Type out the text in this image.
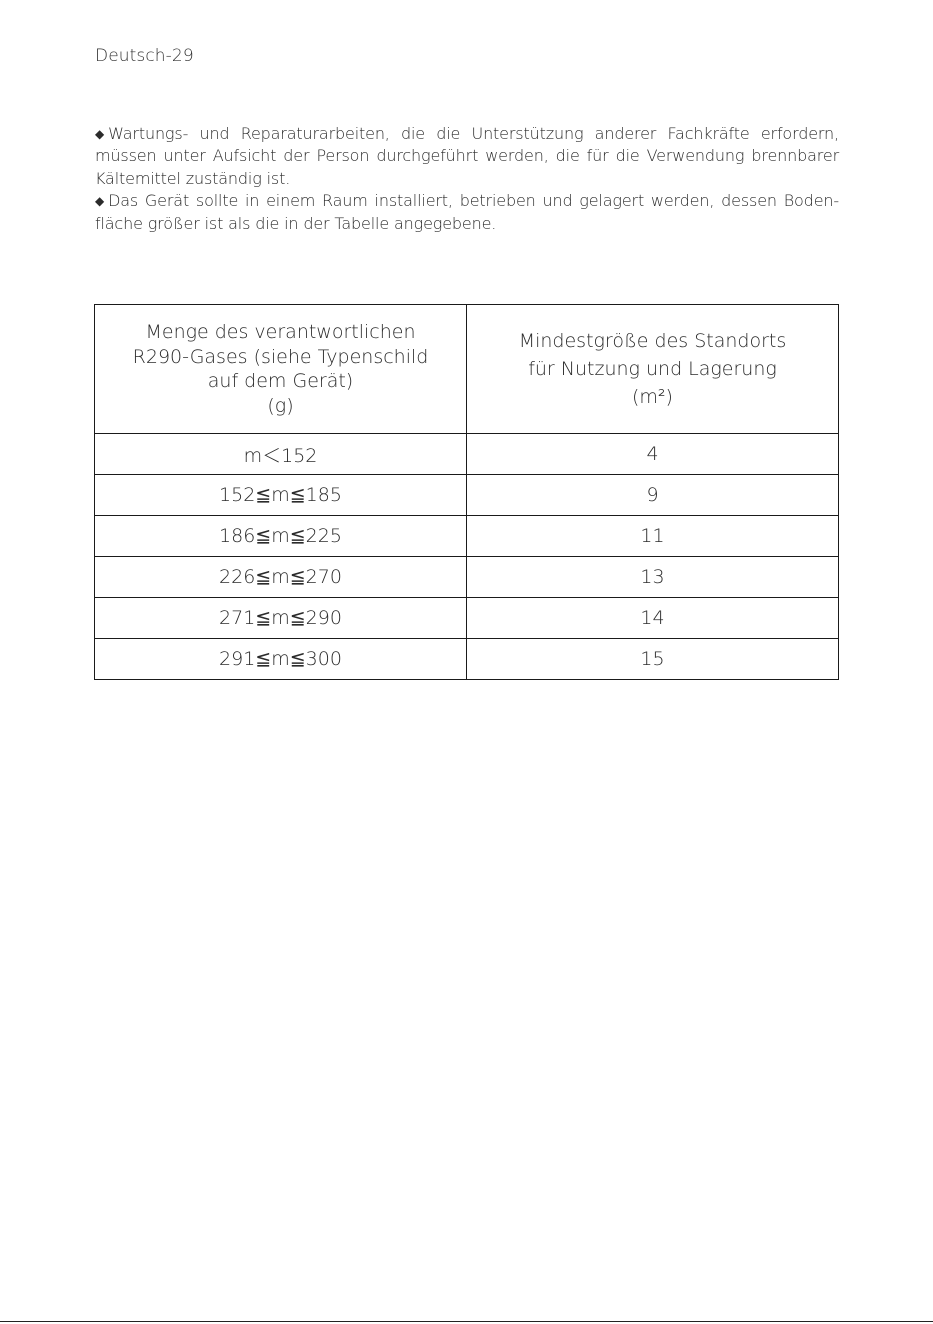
Deutsch-29

◆ Wartungs- und Reparaturarbeiten, die die Unterstützung anderer Fachkräfte erfordern, müssen unter Aufsicht der Person durchgeführt werden, die für die Verwendung brennbarer Kältemittel zuständig ist.

◆ Das Gerät sollte in einem Raum installiert, betrieben und gelagert werden, dessen Boden-fläche größer ist als die in der Tabelle angegebene.

Menge des verantwortlichen
R290-Gases (siehe Typenschild
auf dem Gerät)
(g)	Mindestgröße des Standorts
für Nutzung und Lagerung
(m²)

m＜152	4
152≦m≦185	9
186≦m≦225	11
226≦m≦270	13
271≦m≦290	14
291≦m≦300	15
